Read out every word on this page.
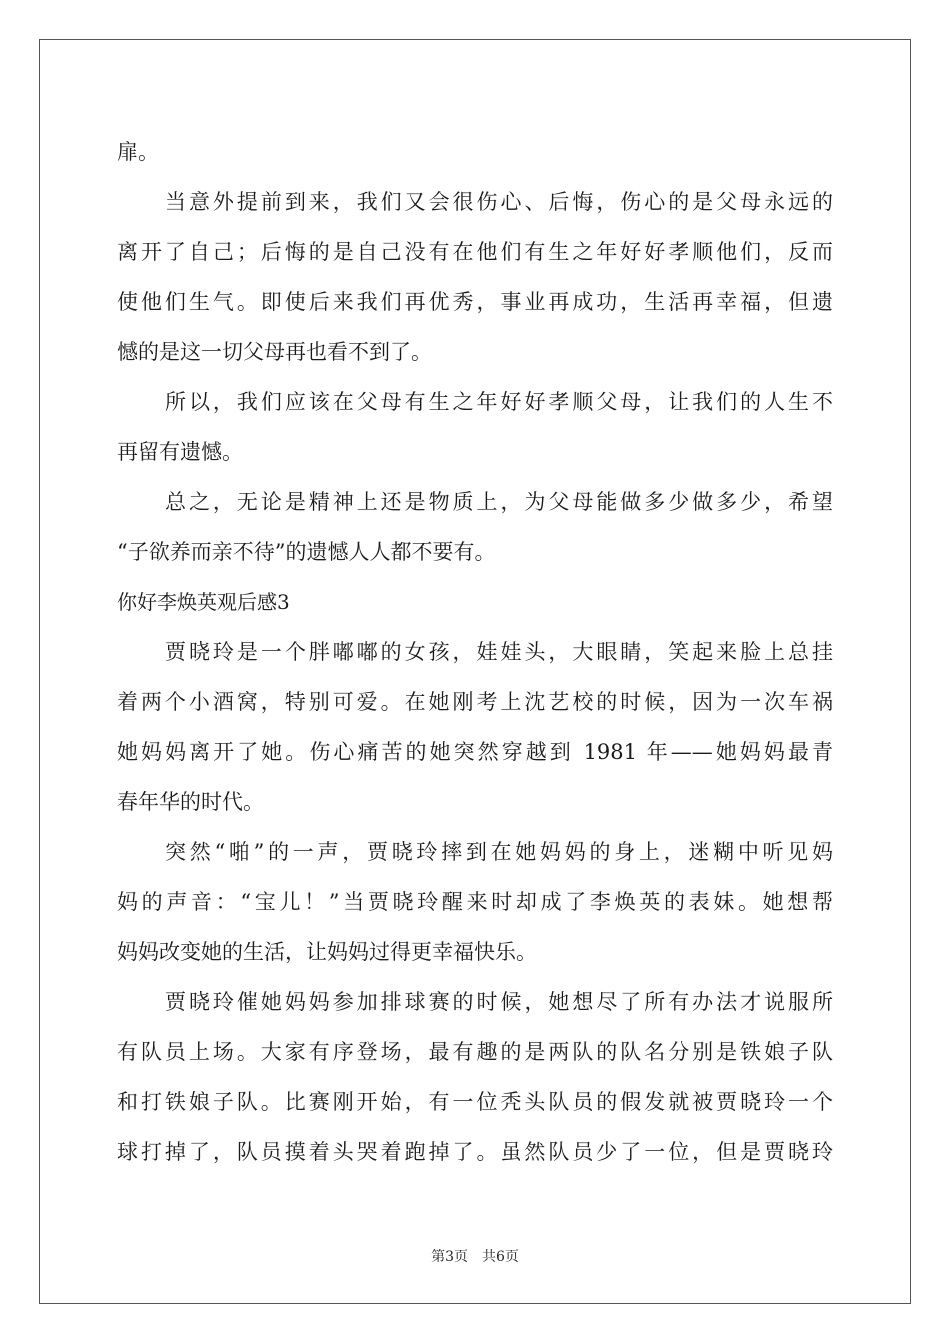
扉。
当意外提前到来，我们又会很伤心、后悔，伤心的是父母永远的
离开了自己；后悔的是自己没有在他们有生之年好好孝顺他们，反而
使他们生气。即使后来我们再优秀，事业再成功，生活再幸福，但遗
憾的是这一切父母再也看不到了。
所以，我们应该在父母有生之年好好孝顺父母，让我们的人生不
再留有遗憾。
总之，无论是精神上还是物质上，为父母能做多少做多少，希望
“子欲养而亲不待”的遗憾人人都不要有。
你好李焕英观后感3
贾晓玲是一个胖嘟嘟的女孩，娃娃头，大眼睛，笑起来脸上总挂
着两个小酒窝，特别可爱。在她刚考上沈艺校的时候，因为一次车祸
她妈妈离开了她。伤心痛苦的她突然穿越到 1981 年——她妈妈最青
春年华的时代。
突然“啪”的一声，贾晓玲摔到在她妈妈的身上，迷糊中听见妈
妈的声音：“宝儿！”当贾晓玲醒来时却成了李焕英的表妹。她想帮
妈妈改变她的生活，让妈妈过得更幸福快乐。
贾晓玲催她妈妈参加排球赛的时候，她想尽了所有办法才说服所
有队员上场。大家有序登场，最有趣的是两队的队名分别是铁娘子队
和打铁娘子队。比赛刚开始，有一位秃头队员的假发就被贾晓玲一个
球打掉了，队员摸着头哭着跑掉了。虽然队员少了一位，但是贾晓玲
第3页 共6页
